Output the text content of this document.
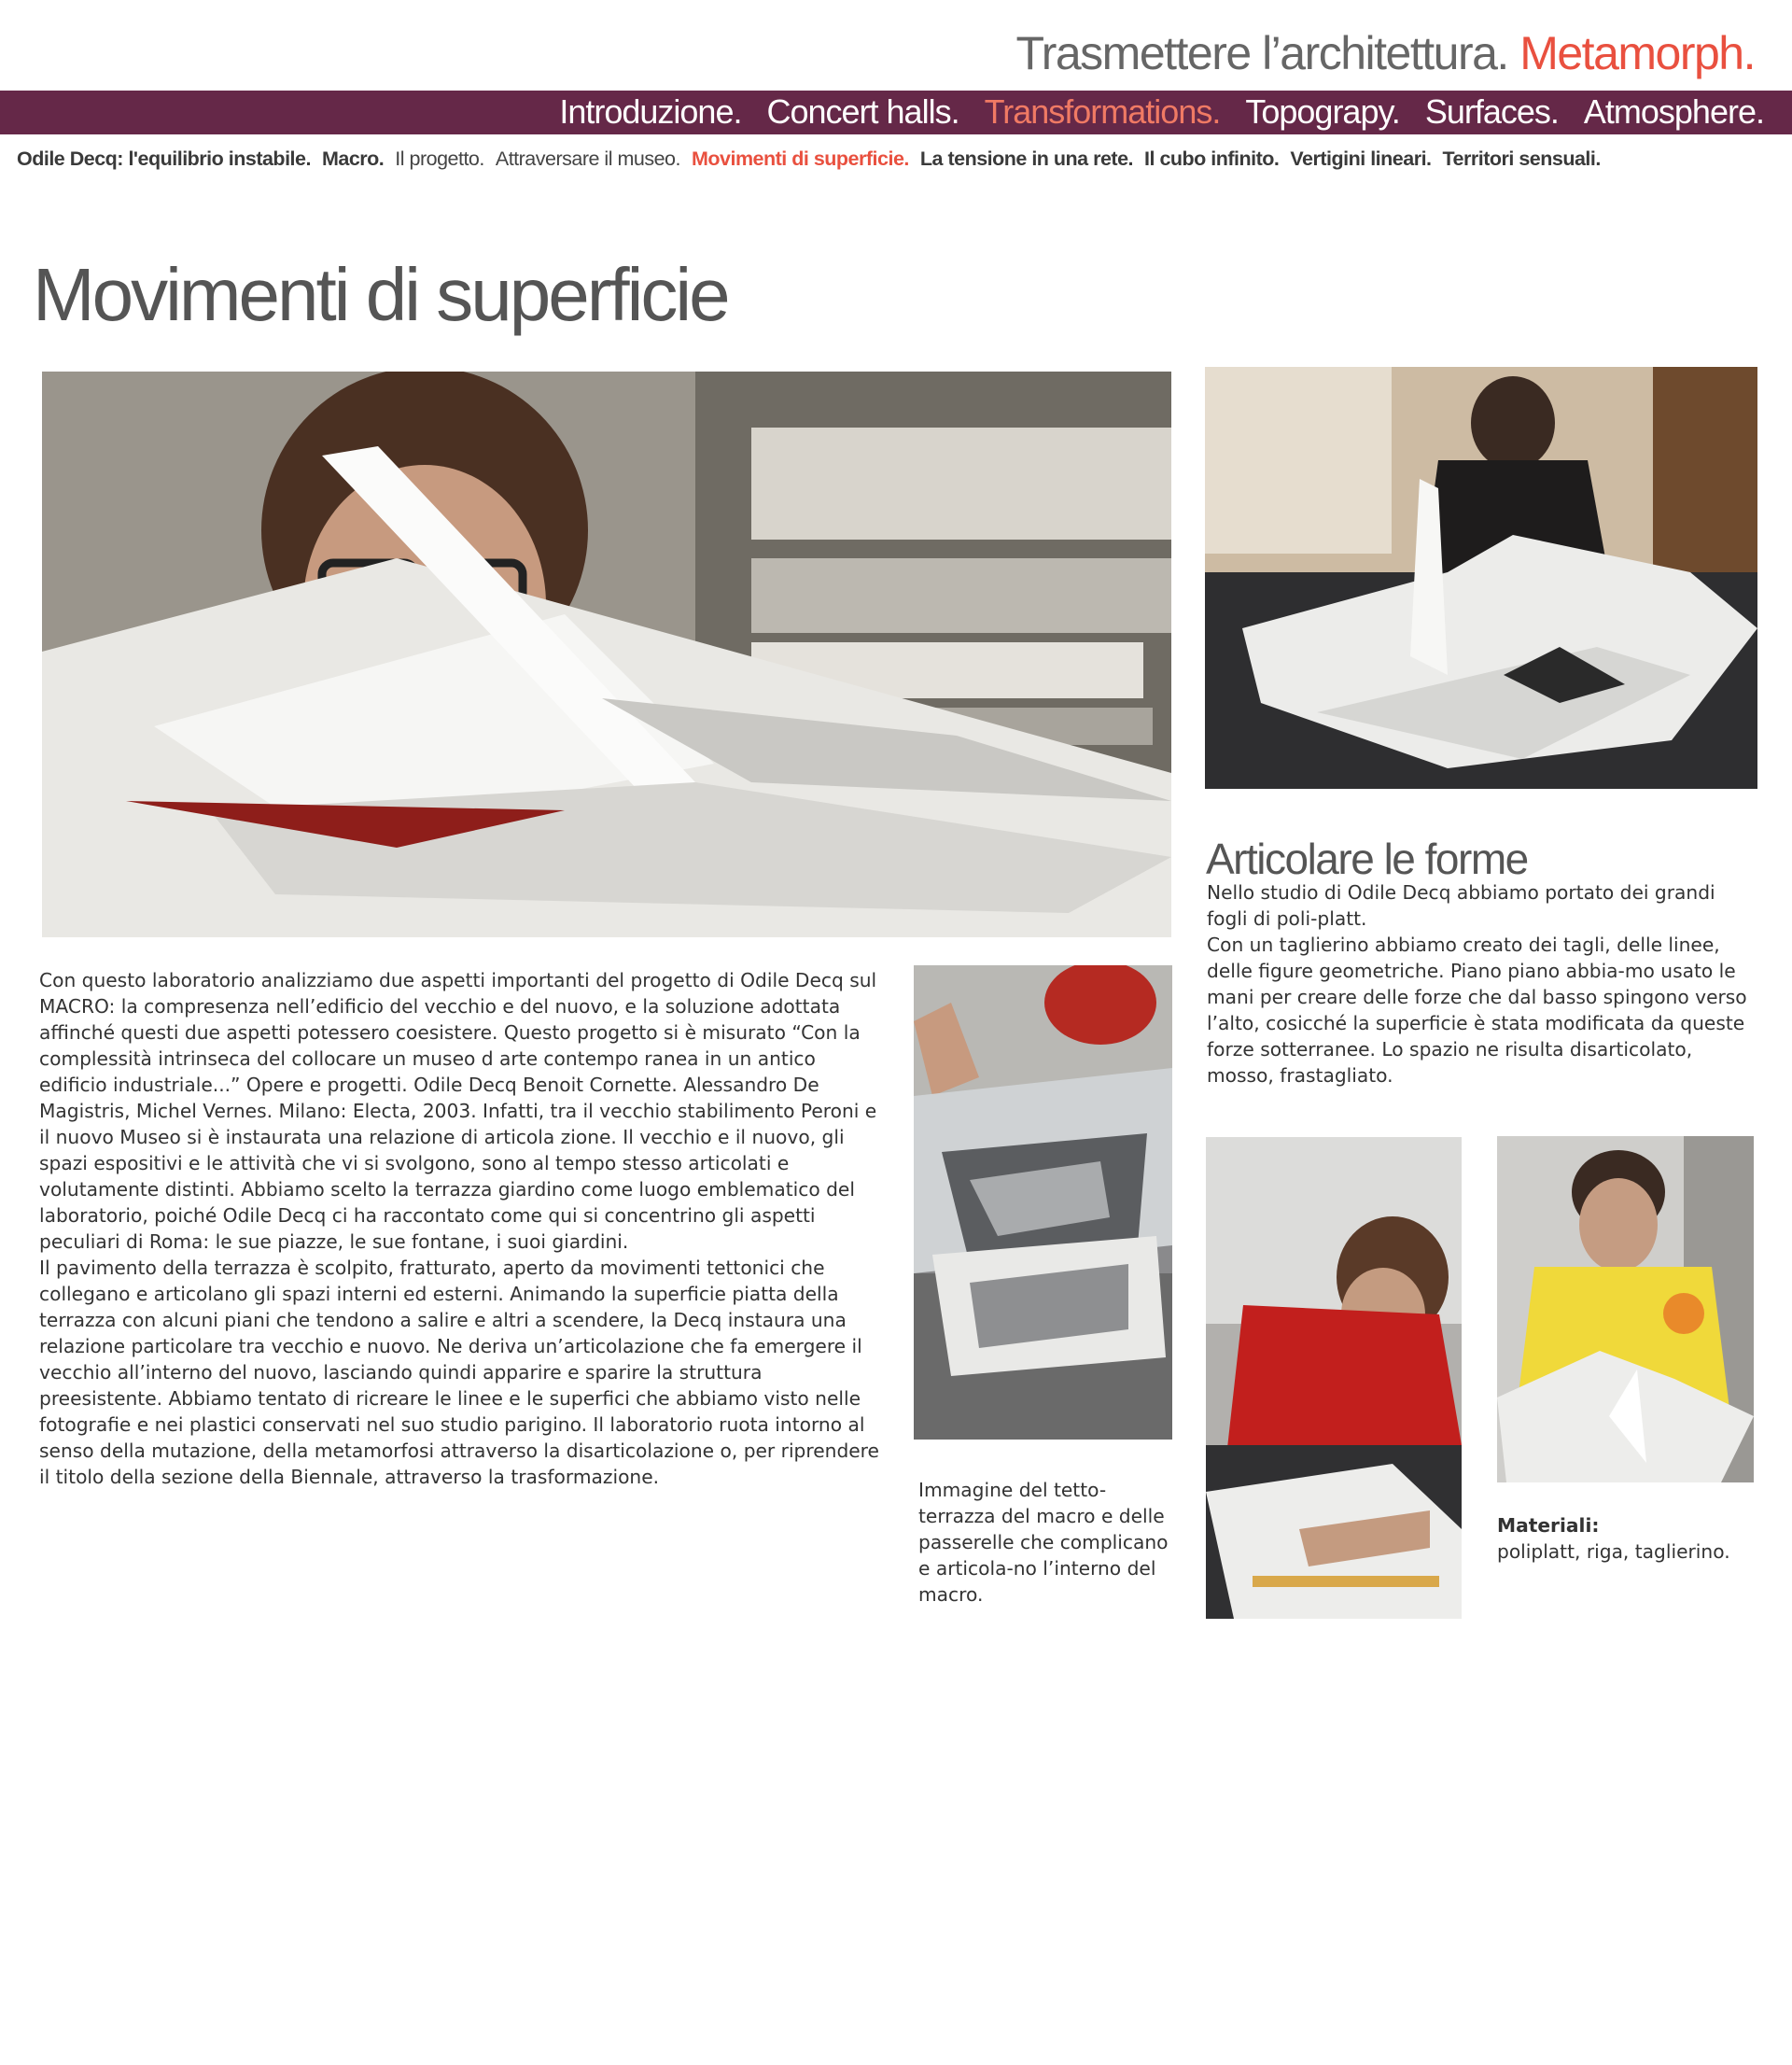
Trasmettere l’architettura. Metamorph.
Introduzione. Concert halls. Transformations. Topograpy. Surfaces. Atmosphere.
Odile Decq: l'equilibrio instabile. Macro. Il progetto. Attraversare il museo. Movimenti di superficie. La tensione in una rete. Il cubo infinito. Vertigini lineari. Territori sensuali.
Movimenti di superficie

Con questo laboratorio analizziamo due aspetti importanti del progetto di Odile Decq sul MACRO: la compresenza nell’edificio del vecchio e del nuovo, e la soluzione adottata affinché questi due aspetti potessero coesistere. Questo progetto si è misurato “Con la complessità intrinseca del collocare un museo d arte contempo ranea in un antico edificio industriale...” Opere e progetti. Odile Decq Benoit Cornette. Alessandro De Magistris, Michel Vernes. Milano: Electa, 2003. Infatti, tra il vecchio stabilimento Peroni e il nuovo Museo si è instaurata una relazione di articola zione. Il vecchio e il nuovo, gli spazi espositivi e le attività che vi si svolgono, sono al tempo stesso articolati e volutamente distinti. Abbiamo scelto la terrazza giardino come luogo emblematico del laboratorio, poiché Odile Decq ci ha raccontato come qui si concentrino gli aspetti peculiari di Roma: le sue piazze, le sue fontane, i suoi giardini.

Il pavimento della terrazza è scolpito, fratturato, aperto da movimenti tettonici che collegano e articolano gli spazi interni ed esterni. Animando la superficie piatta della terrazza con alcuni piani che tendono a salire e altri a scendere, la Decq instaura una relazione particolare tra vecchio e nuovo. Ne deriva un’articolazione che fa emergere il vecchio all’interno del nuovo, lasciando quindi apparire e sparire la struttura preesistente. Abbiamo tentato di ricreare le linee e le superfici che abbiamo visto nelle fotografie e nei plastici conservati nel suo studio parigino. Il laboratorio ruota intorno al senso della mutazione, della metamorfosi attraverso la disarticolazione o, per riprendere il titolo della sezione della Biennale, attraverso la trasformazione.

Articolare le forme

Nello studio di Odile Decq abbiamo portato dei grandi fogli di poli-platt.

Con un taglierino abbiamo creato dei tagli, delle linee, delle figure geometriche. Piano piano abbia-mo usato le mani per creare delle forze che dal basso spingono verso l’alto, cosicché la superficie è stata modificata da queste forze sotterranee. Lo spazio ne risulta disarticolato, mosso, frastagliato.

Immagine del tetto-terrazza del macro e delle passerelle che complicano e articola-no l’interno del macro.

Materiali:
poliplatt, riga, taglierino.
